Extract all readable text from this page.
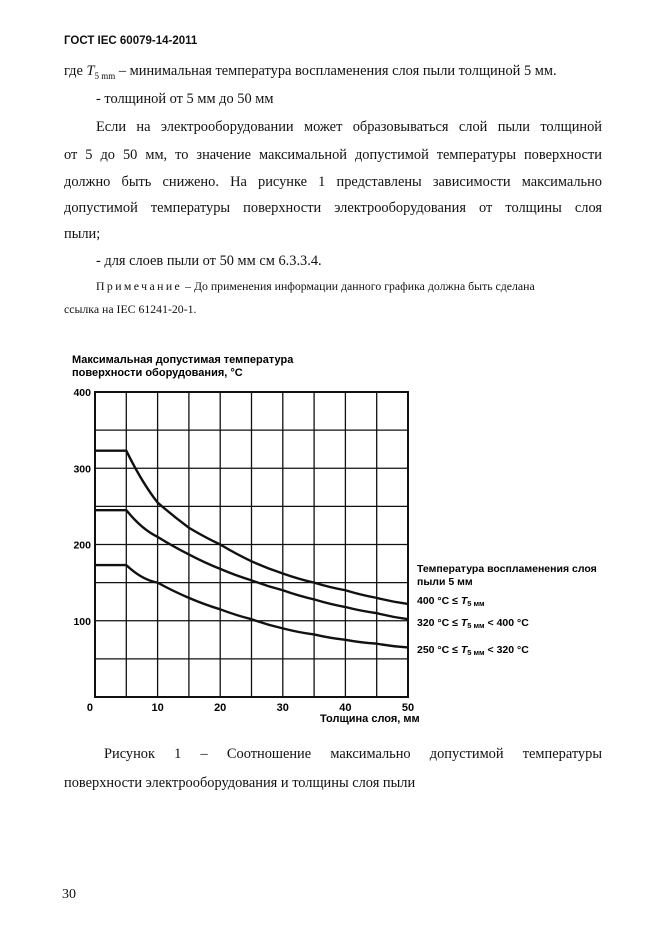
ГОСТ IEC 60079-14-2011
где $T_{5 mm}$ – минимальная температура воспламенения слоя пыли толщиной 5 мм.
- толщиной от 5 мм до 50 мм
Если на электрооборудовании может образовываться слой пыли толщиной
от 5 до 50 мм, то значение максимальной допустимой температуры поверхности
должно быть снижено. На рисунке 1 представлены зависимости максимально
допустимой температуры поверхности электрооборудования от толщины слоя
пыли;
- для слоев пыли от 50 мм см 6.3.3.4.
Примечание – До применения информации данного графика должна быть сделана
ссылка на IEC 61241-20-1.
Максимальная допустимая температура
поверхности оборудования, °С
100
200
300
400
0	10	20	30	40	50
Толщина слоя, мм
Температура воспламенения слоя
пыли 5 мм
400 °С ≤ T5 мм
320 °С ≤ T5 мм < 400 °С
250 °С ≤ T5 мм < 320 °С
Рисунок 1 – Соотношение максимально допустимой температуры
поверхности электрооборудования и толщины слоя пыли
30
